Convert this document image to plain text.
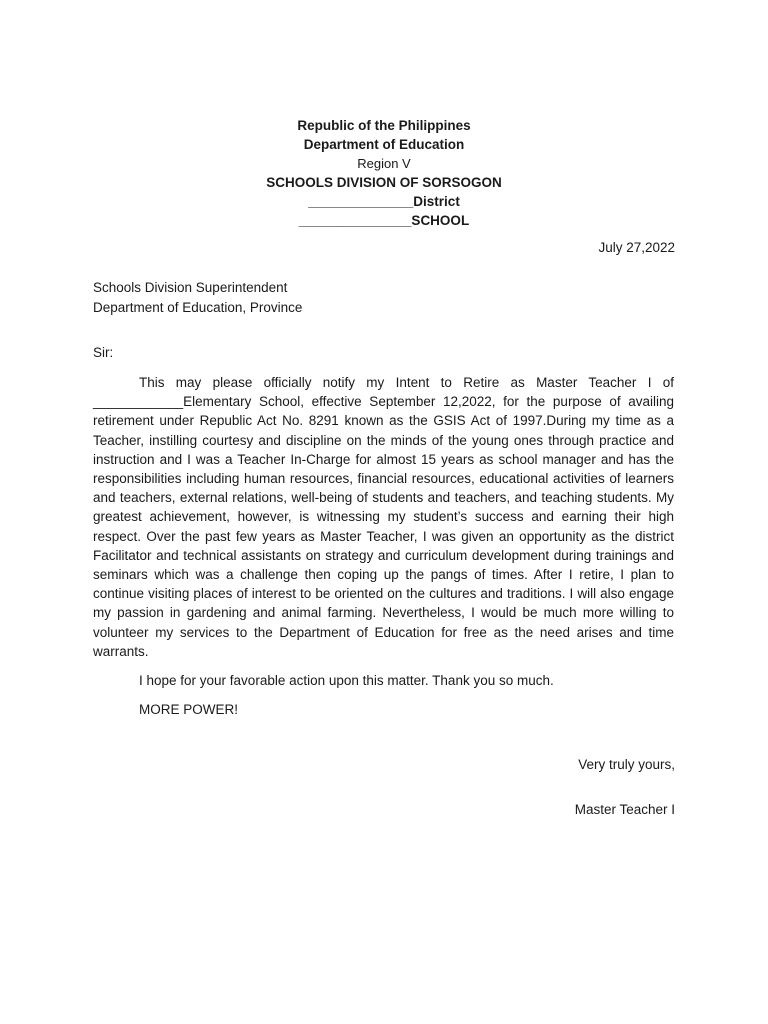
Republic of the Philippines
Department of Education
Region V
SCHOOLS DIVISION OF SORSOGON
______________District
_______________SCHOOL
July 27,2022
Schools Division Superintendent
Department of Education, Province
Sir:

This may please officially notify my Intent to Retire as Master Teacher I of ____________Elementary School, effective September 12,2022, for the purpose of availing retirement under Republic Act No. 8291 known as the GSIS Act of 1997.During my time as a Teacher, instilling courtesy and discipline on the minds of the young ones through practice and instruction and I was a Teacher In-Charge for almost 15 years as school manager and has the responsibilities including human resources, financial resources, educational activities of learners and teachers, external relations, well-being of students and teachers, and teaching students. My greatest achievement, however, is witnessing my student’s success and earning their high respect. Over the past few years as Master Teacher, I was given an opportunity as the district Facilitator and technical assistants on strategy and curriculum development during trainings and seminars which was a challenge then coping up the pangs of times. After I retire, I plan to continue visiting places of interest to be oriented on the cultures and traditions. I will also engage my passion in gardening and animal farming. Nevertheless, I would be much more willing to volunteer my services to the Department of Education for free as the need arises and time warrants.

I hope for your favorable action upon this matter. Thank you so much.
MORE POWER!
Very truly yours,
Master Teacher I
